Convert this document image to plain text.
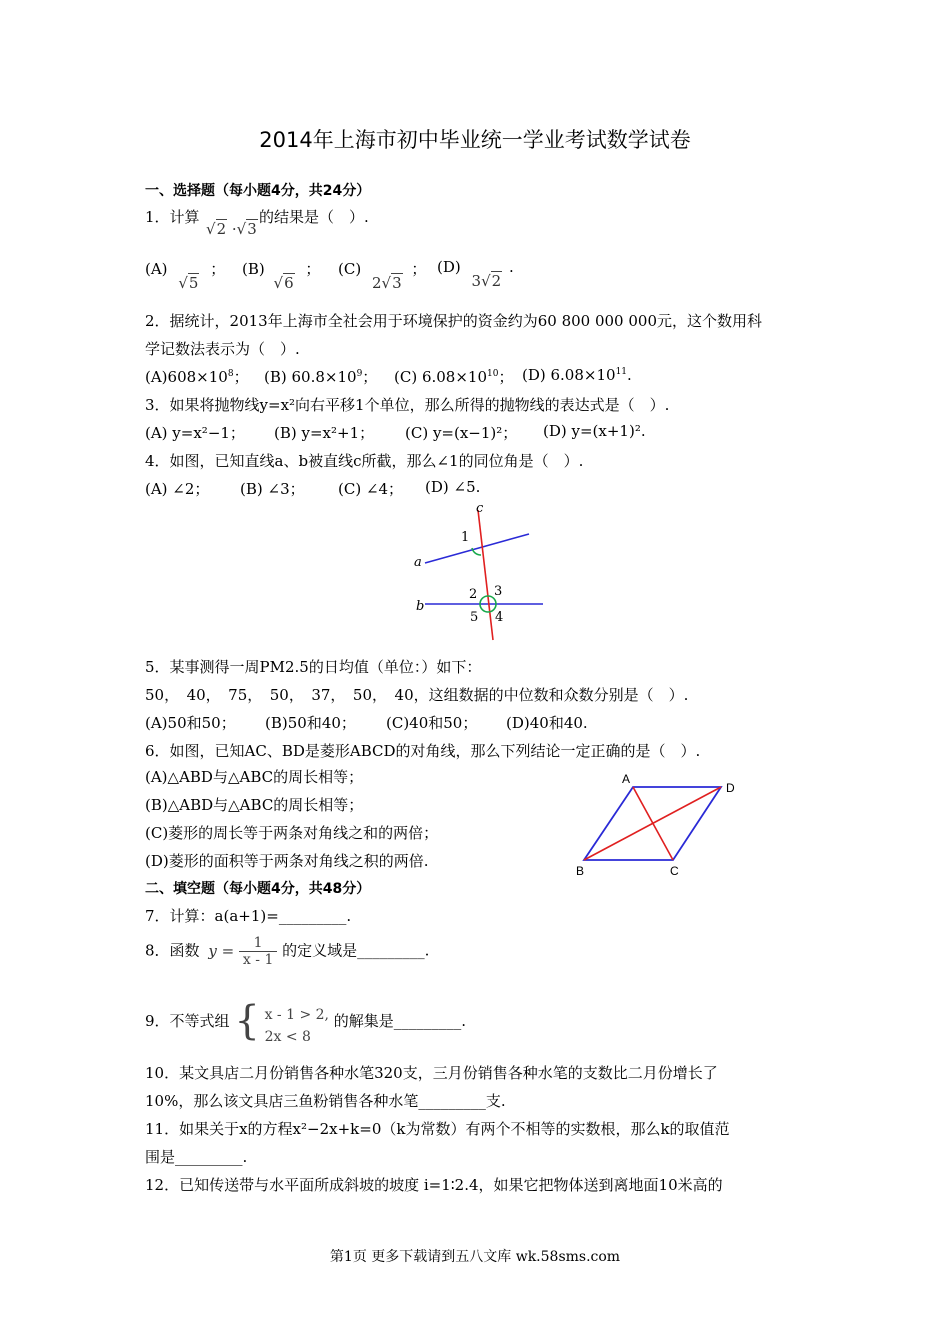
2014年上海市初中毕业统一学业考试数学试卷
一、选择题（每小题4分，共24分）
1．计算
√2 ·√3
的结果是（　）.
(A) √5 ； (B) √6 ； (C) 2√3 ； (D) 3√2 .
2．据统计，2013年上海市全社会用于环境保护的资金约为60 800 000 000元，这个数用科
学记数法表示为（　）.
$(A)608\times 10^8$； (B) $60.8\times 10^9$； (C) $6.08\times 10^{10}$； (D) $6.08\times 10^{11}$.
3．如果将抛物线y=x²向右平移1个单位，那么所得的抛物线的表达式是（　）.
(A) y=x²−1； (B) y=x²+1； (C) y=(x−1)²； (D) y=(x+1)².
4．如图，已知直线a、b被直线c所截，那么∠1的同位角是（　）.
(A) ∠2； (B) ∠3； (C) ∠4； (D) ∠5.
c
a
b
1
2 3
4
5
5．某事测得一周PM2.5的日均值（单位：）如下：
50，　40，　75，　50，　37，　50，　40，这组数据的中位数和众数分别是（　）.
(A)50和50； (B)50和40； (C)40和50； (D)40和40.
6．如图，已知AC、BD是菱形ABCD的对角线，那么下列结论一定正确的是（　）.
(A)△ABD与△ABC的周长相等；
(B)△ABD与△ABC的周长相等；
(C)菱形的周长等于两条对角线之和的两倍；
(D)菱形的面积等于两条对角线之积的两倍.
A
D
B	C
二、填空题（每小题4分，共48分）
7．计算：a(a+1)=_________.
8．函数 $y = \frac{1}{x - 1}$ 的定义域是_________.
9．不等式组 { x - 1 > 2,
2x < 8
的解集是_________.
10．某文具店二月份销售各种水笔320支，三月份销售各种水笔的支数比二月份增长了
10%，那么该文具店三鱼粉销售各种水笔_________支.
11．如果关于x的方程x²−2x+k=0（k为常数）有两个不相等的实数根，那么k的取值范
围是_________.
12．已知传送带与水平面所成斜坡的坡度 i=1∶2.4，如果它把物体送到离地面10米高的
第1页 更多下载请到五八文库 wk.58sms.com
